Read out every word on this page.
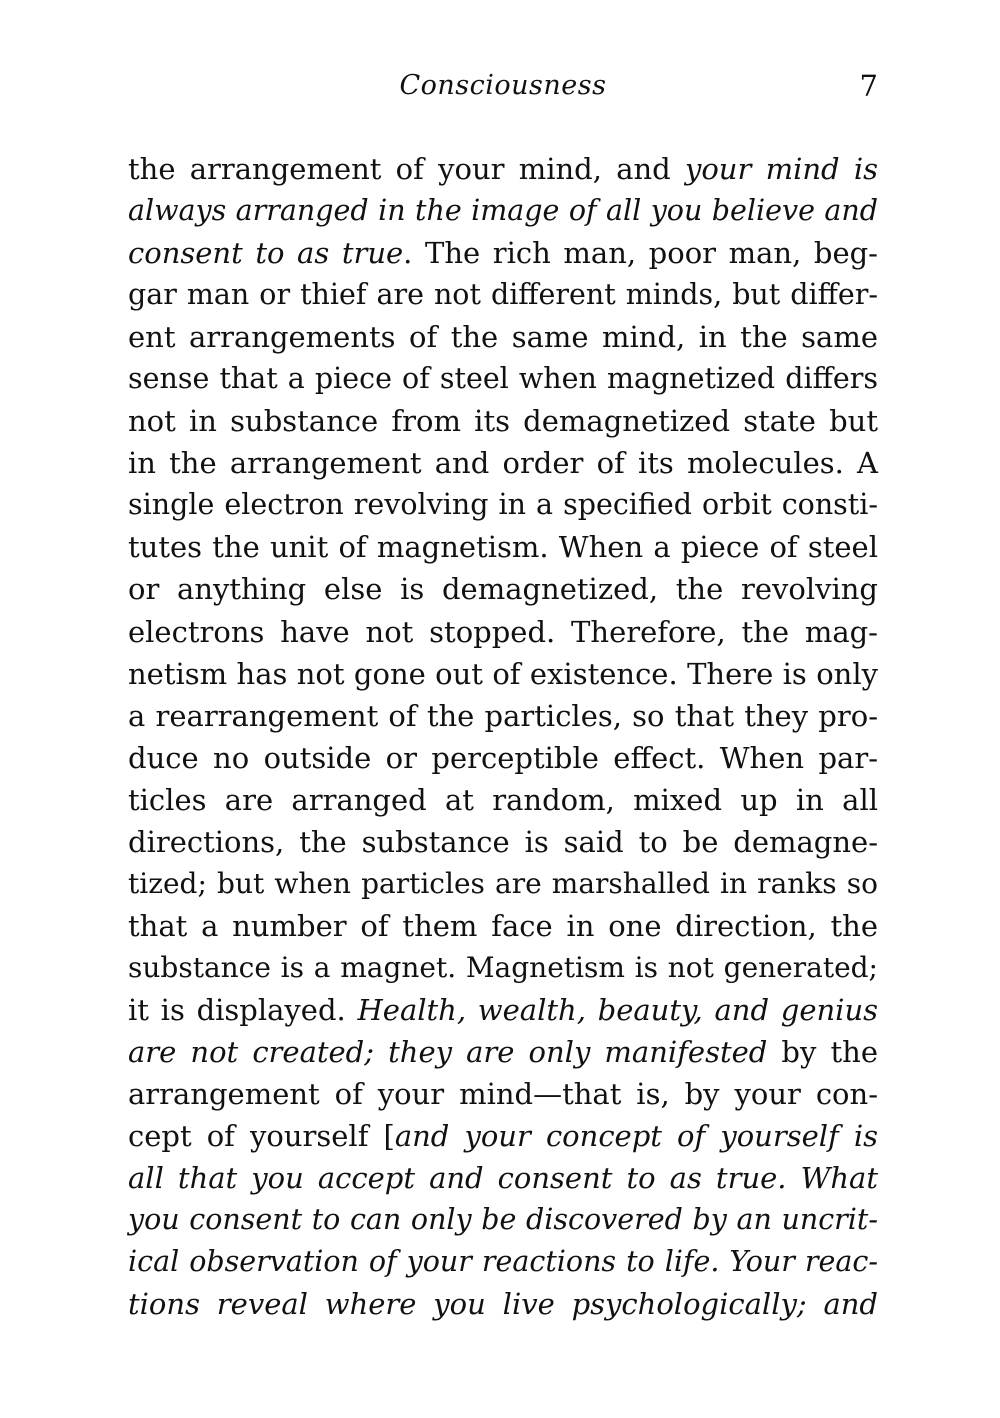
Consciousness	7
the arrangement of your mind, and your mind is
always arranged in the image of all you believe and
consent to as true. The rich man, poor man, beg-
gar man or thief are not different minds, but differ-
ent arrangements of the same mind, in the same
sense that a piece of steel when magnetized differs
not in substance from its demagnetized state but
in the arrangement and order of its molecules. A
single electron revolving in a specified orbit consti-
tutes the unit of magnetism. When a piece of steel
or anything else is demagnetized, the revolving
electrons have not stopped. Therefore, the mag-
netism has not gone out of existence. There is only
a rearrangement of the particles, so that they pro-
duce no outside or perceptible effect. When par-
ticles are arranged at random, mixed up in all
directions, the substance is said to be demagne-
tized; but when particles are marshalled in ranks so
that a number of them face in one direction, the
substance is a magnet. Magnetism is not generated;
it is displayed. Health, wealth, beauty, and genius
are not created; they are only manifested by the
arrangement of your mind—that is, by your con-
cept of yourself [and your concept of yourself is
all that you accept and consent to as true. What
you consent to can only be discovered by an uncrit-
ical observation of your reactions to life. Your reac-
tions reveal where you live psychologically; and
